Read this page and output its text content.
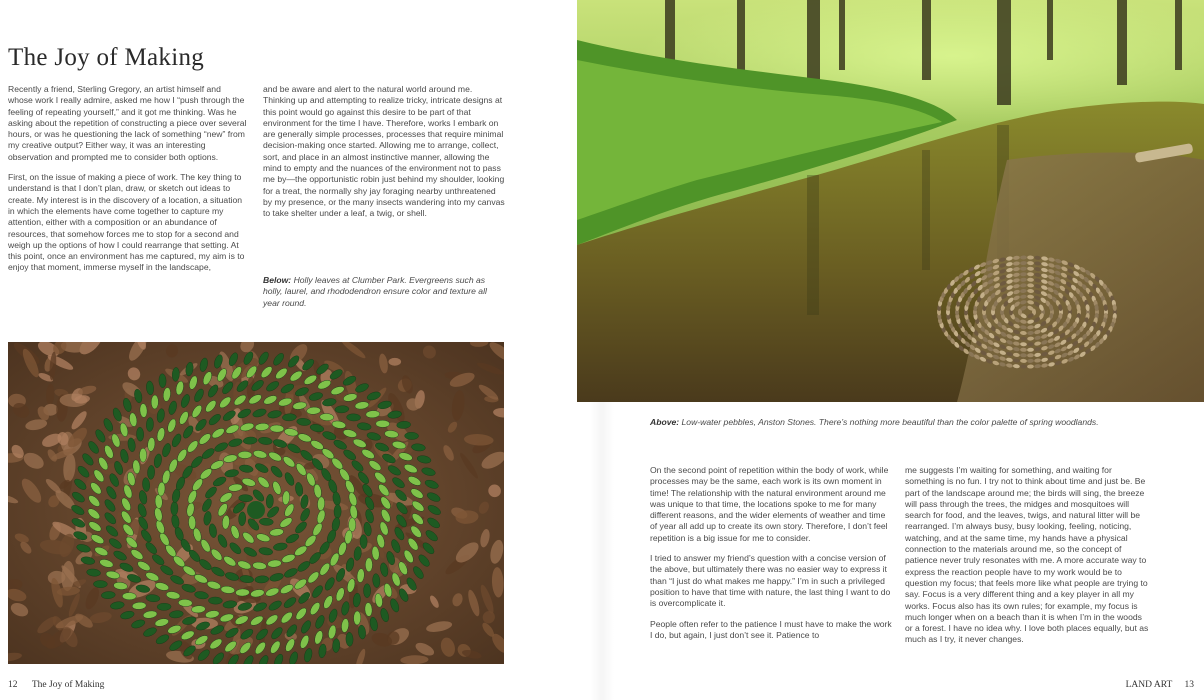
The Joy of Making

Recently a friend, Sterling Gregory, an artist himself and whose work I really admire, asked me how I “push through the feeling of repeating yourself,” and it got me thinking. Was he asking about the repetition of constructing a piece over several hours, or was he questioning the lack of something “new” from my creative output? Either way, it was an interesting observation and prompted me to consider both options.

First, on the issue of making a piece of work. The key thing to understand is that I don’t plan, draw, or sketch out ideas to create. My interest is in the discovery of a location, a situation in which the elements have come together to capture my attention, either with a composition or an abundance of resources, that somehow forces me to stop for a second and weigh up the options of how I could rearrange that setting. At this point, once an environment has me captured, my aim is to enjoy that moment, immerse myself in the landscape,

and be aware and alert to the natural world around me. Thinking up and attempting to realize tricky, intricate designs at this point would go against this desire to be part of that environment for the time I have. Therefore, works I embark on are generally simple processes, processes that require minimal decision-making once started. Allowing me to arrange, collect, sort, and place in an almost instinctive manner, allowing the mind to empty and the nuances of the environment not to pass me by—the opportunistic robin just behind my shoulder, looking for a treat, the normally shy jay foraging nearby unthreatened by my presence, or the many insects wandering into my canvas to take shelter under a leaf, a twig, or shell.

Below: Holly leaves at Clumber Park. Evergreens such as holly, laurel, and rhododendron ensure color and texture all year round.
12 The Joy of Making
Above: Low-water pebbles, Anston Stones. There’s nothing more beautiful than the color palette of spring woodlands.

On the second point of repetition within the body of work, while processes may be the same, each work is its own moment in time! The relationship with the natural environment around me was unique to that time, the locations spoke to me for many different reasons, and the wider elements of weather and time of year all add up to create its own story. Therefore, I don’t feel repetition is a big issue for me to consider.

I tried to answer my friend’s question with a concise version of the above, but ultimately there was no easier way to express it than “I just do what makes me happy.” I’m in such a privileged position to have that time with nature, the last thing I want to do is overcomplicate it.

People often refer to the patience I must have to make the work I do, but again, I just don’t see it. Patience to

me suggests I’m waiting for something, and waiting for something is no fun. I try not to think about time and just be. Be part of the landscape around me; the birds will sing, the breeze will pass through the trees, the midges and mosquitoes will search for food, and the leaves, twigs, and natural litter will be rearranged. I’m always busy, busy looking, feeling, noticing, watching, and at the same time, my hands have a physical connection to the materials around me, so the concept of patience never truly resonates with me. A more accurate way to express the reaction people have to my work would be to question my focus; that feels more like what people are trying to say. Focus is a very different thing and a key player in all my works. Focus also has its own rules; for example, my focus is much longer when on a beach than it is when I’m in the woods or a forest. I have no idea why. I love both places equally, but as much as I try, it never changes.

LAND ART 13
